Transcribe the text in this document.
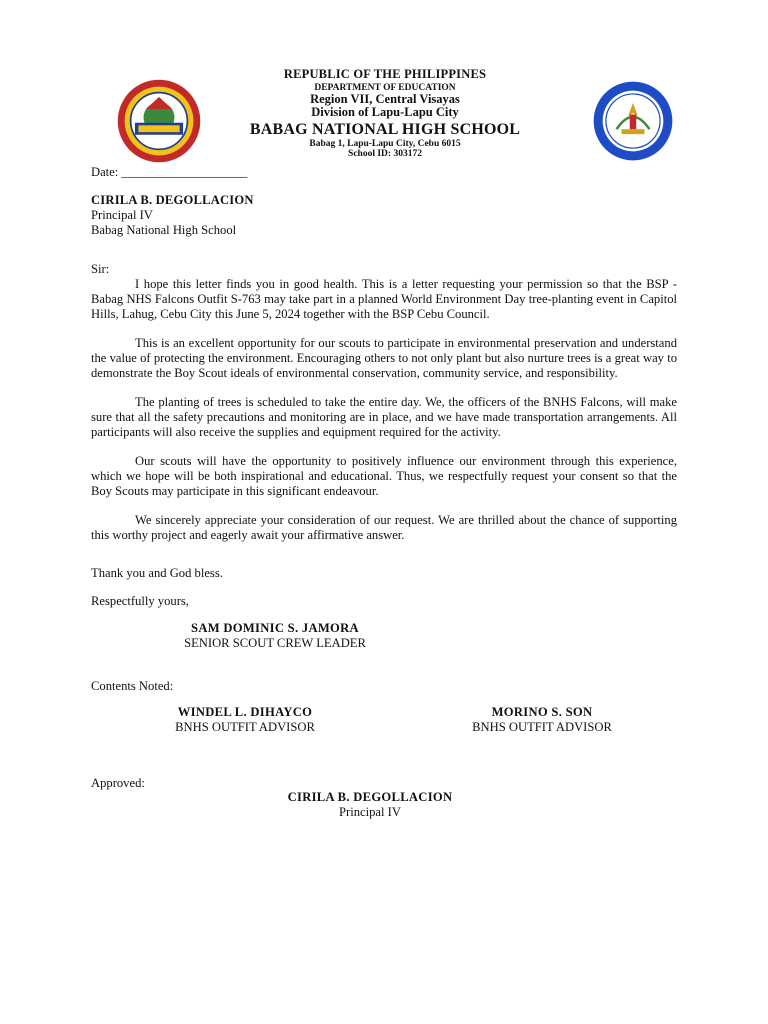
REPUBLIC OF THE PHILIPPINES
DEPARTMENT OF EDUCATION
Region VII, Central Visayas
Division of Lapu-Lapu City
BABAG NATIONAL HIGH SCHOOL
Babag 1, Lapu-Lapu City, Cebu 6015
School ID: 303172
Date: ____________________
CIRILA B. DEGOLLACION
Principal IV
Babag National High School
Sir:

I hope this letter finds you in good health. This is a letter requesting your permission so that the BSP - Babag NHS Falcons Outfit S-763 may take part in a planned World Environment Day tree-planting event in Capitol Hills, Lahug, Cebu City this June 5, 2024 together with the BSP Cebu Council.

This is an excellent opportunity for our scouts to participate in environmental preservation and understand the value of protecting the environment. Encouraging others to not only plant but also nurture trees is a great way to demonstrate the Boy Scout ideals of environmental conservation, community service, and responsibility.

The planting of trees is scheduled to take the entire day. We, the officers of the BNHS Falcons, will make sure that all the safety precautions and monitoring are in place, and we have made transportation arrangements. All participants will also receive the supplies and equipment required for the activity.

Our scouts will have the opportunity to positively influence our environment through this experience, which we hope will be both inspirational and educational. Thus, we respectfully request your consent so that the Boy Scouts may participate in this significant endeavour.

We sincerely appreciate your consideration of our request. We are thrilled about the chance of supporting this worthy project and eagerly await your affirmative answer.

Thank you and God bless.
Respectfully yours,
SAM DOMINIC S. JAMORA
SENIOR SCOUT CREW LEADER
Contents Noted:
WINDEL L. DIHAYCO
BNHS OUTFIT ADVISOR
MORINO S. SON
BNHS OUTFIT ADVISOR
Approved:
CIRILA B. DEGOLLACION
Principal IV
